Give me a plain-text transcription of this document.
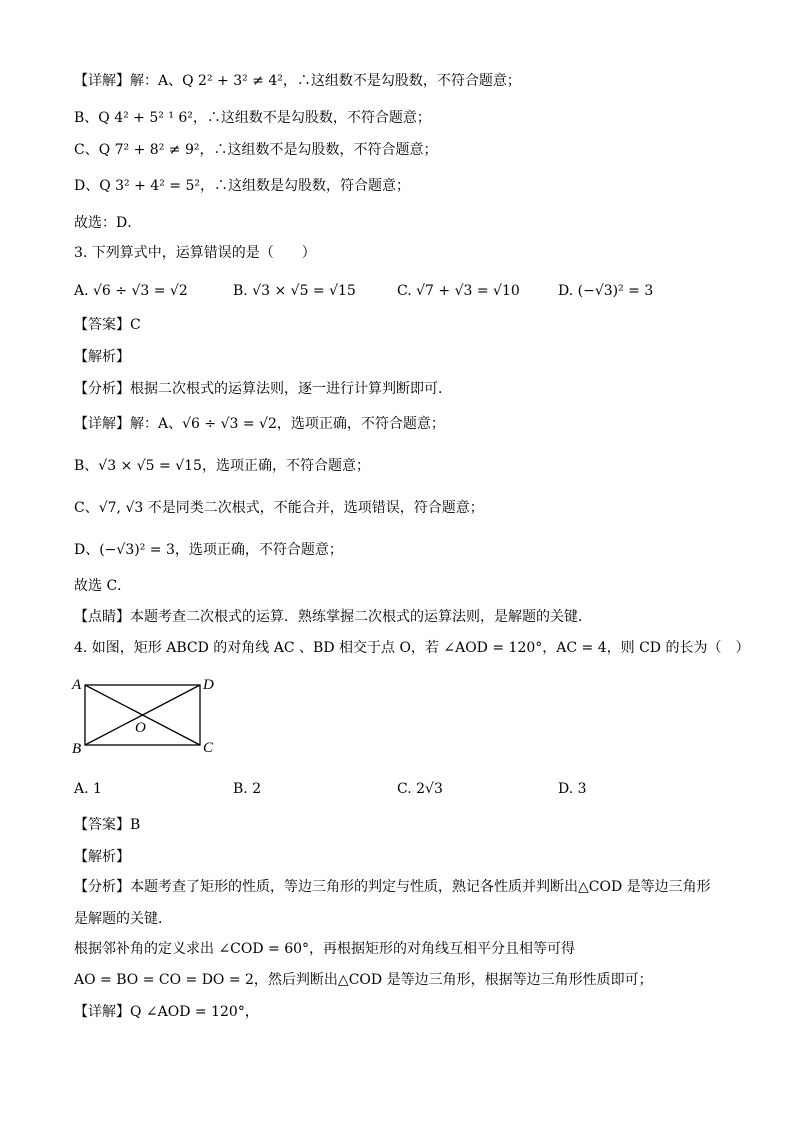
【详解】解：A、Q 2² + 3² ≠ 4²，∴这组数不是勾股数，不符合题意；
B、Q 4² + 5² ¹ 6²，∴这组数不是勾股数，不符合题意；
C、Q 7² + 8² ≠ 9²，∴这组数不是勾股数，不符合题意；
D、Q 3² + 4² = 5²，∴这组数是勾股数，符合题意；
故选：D．
3. 下列算式中，运算错误的是（　　）
A. √6 ÷ √3 = √2	B. √3 × √5 = √15	C. √7 + √3 = √10	D. (−√3)² = 3
【答案】C
【解析】
【分析】根据二次根式的运算法则，逐一进行计算判断即可．
【详解】解：A、√6 ÷ √3 = √2，选项正确，不符合题意；
B、√3 × √5 = √15，选项正确，不符合题意；
C、√7, √3 不是同类二次根式，不能合并，选项错误，符合题意；
D、(−√3)² = 3，选项正确，不符合题意；
故选 C．
【点睛】本题考查二次根式的运算．熟练掌握二次根式的运算法则，是解题的关键．
4. 如图，矩形 ABCD 的对角线 AC 、BD 相交于点 O，若 ∠AOD = 120°，AC = 4，则 CD 的长为（　）
A
B	C
D
O
A. 1	B. 2	C. 2√3	D. 3
【答案】B
【解析】
【分析】本题考查了矩形的性质，等边三角形的判定与性质，熟记各性质并判断出△COD 是等边三角形
是解题的关键．
根据邻补角的定义求出 ∠COD = 60°，再根据矩形的对角线互相平分且相等可得
AO = BO = CO = DO = 2，然后判断出△COD 是等边三角形，根据等边三角形性质即可；
【详解】Q ∠AOD = 120°，
